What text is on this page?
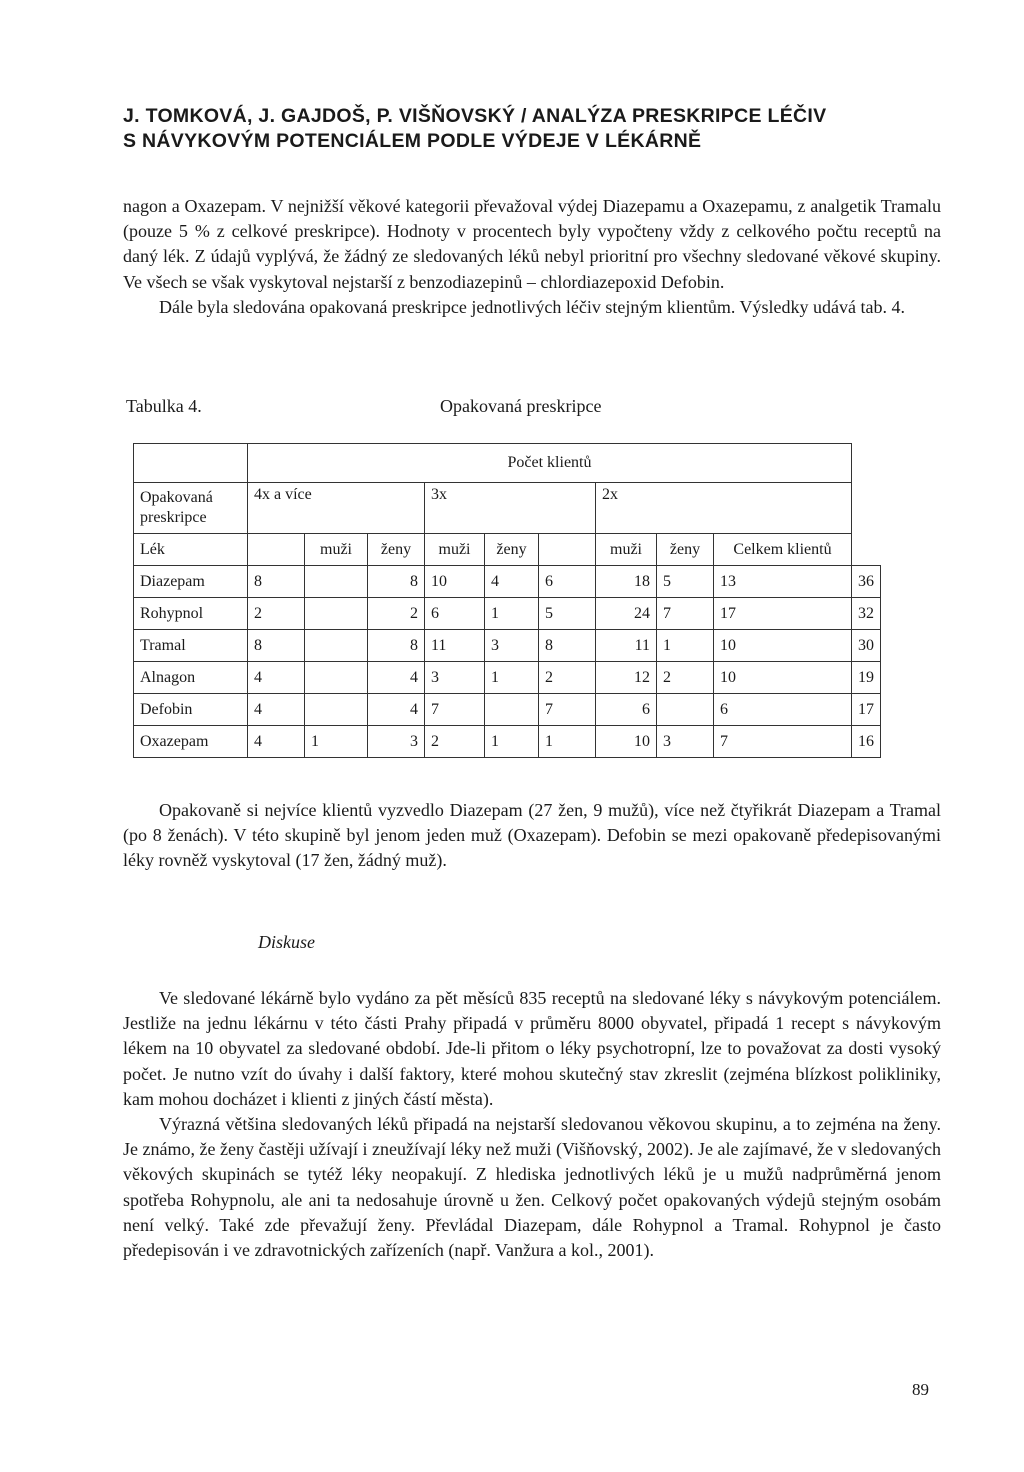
J. TOMKOVÁ, J. GAJDOŠ, P. VIŠŇOVSKÝ / ANALÝZA PRESKRIPCE LÉČIV
S NÁVYKOVÝM POTENCIÁLEM PODLE VÝDEJE V LÉKÁRNĚ

nagon a Oxazepam. V nejnižší věkové kategorii převažoval výdej Diazepamu a Oxazepamu, z analgetik Tramalu (pouze 5 % z celkové preskripce). Hodnoty v procentech byly vypočteny vždy z celkového počtu receptů na daný lék. Z údajů vyplývá, že žádný ze sledovaných léků nebyl prioritní pro všechny sledované věkové skupiny. Ve všech se však vyskytoval nejstarší z benzodiazepinů – chlordiazepoxid Defobin.

Dále byla sledována opakovaná preskripce jednotlivých léčiv stejným klientům. Výsledky udává tab. 4.

Tabulka 4.	Opakovaná preskripce
	Počet klientů									
Opakovaná preskripce	4x a více			3x			2x			
Lék		muži	ženy	muži	ženy		muži	ženy	Celkem klientů	
Diazepam	8		8	10	4	6	18	5	13	36
Rohypnol	2		2	6	1	5	24	7	17	32
Tramal	8		8	11	3	8	11	1	10	30
Alnagon	4		4	3	1	2	12	2	10	19
Defobin	4		4	7		7	6		6	17
Oxazepam	4	1	3	2	1	1	10	3	7	16

Opakovaně si nejvíce klientů vyzvedlo Diazepam (27 žen, 9 mužů), více než čtyřikrát Diazepam a Tramal (po 8 ženách). V této skupině byl jenom jeden muž (Oxazepam). Defobin se mezi opakovaně předepisovanými léky rovněž vyskytoval (17 žen, žádný muž).

Diskuse

Ve sledované lékárně bylo vydáno za pět měsíců 835 receptů na sledované léky s návykovým potenciálem. Jestliže na jednu lékárnu v této části Prahy připadá v průměru 8000 obyvatel, připadá 1 recept s návykovým lékem na 10 obyvatel za sledované období. Jde-li přitom o léky psychotropní, lze to považovat za dosti vysoký počet. Je nutno vzít do úvahy i další faktory, které mohou skutečný stav zkreslit (zejména blízkost polikliniky, kam mohou docházet i klienti z jiných částí města).

Výrazná většina sledovaných léků připadá na nejstarší sledovanou věkovou skupinu, a to zejména na ženy. Je známo, že ženy častěji užívají i zneužívají léky než muži (Višňovský, 2002). Je ale zajímavé, že v sledovaných věkových skupinách se tytéž léky neopakují. Z hlediska jednotlivých léků je u mužů nadprůměrná jenom spotřeba Rohypnolu, ale ani ta nedosahuje úrovně u žen. Celkový počet opakovaných výdejů stejným osobám není velký. Také zde převažují ženy. Převládal Diazepam, dále Rohypnol a Tramal. Rohypnol je často předepisován i ve zdravotnických zařízeních (např. Vanžura a kol., 2001).

89
